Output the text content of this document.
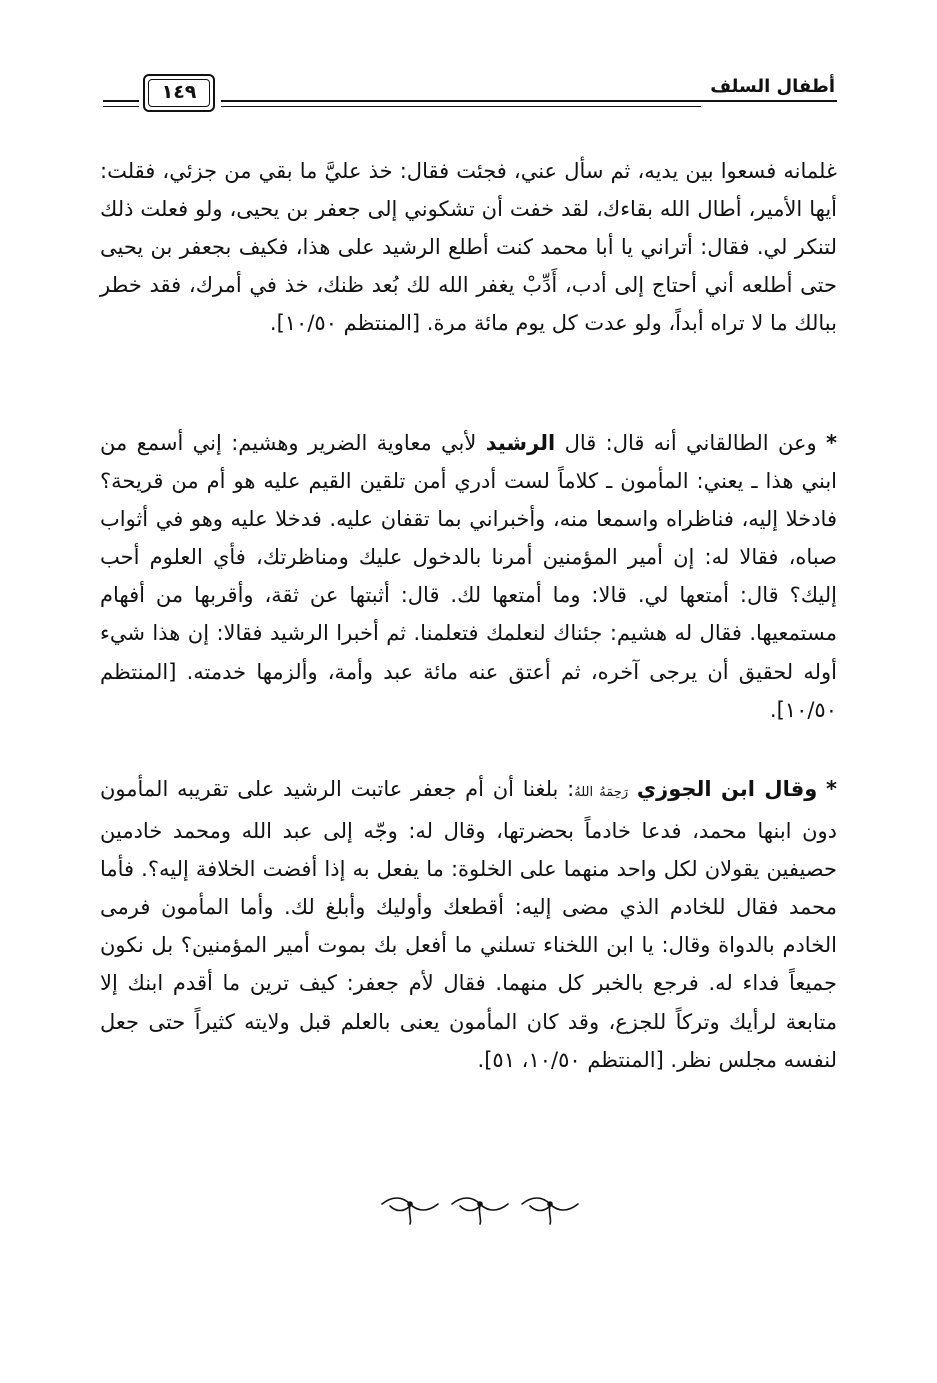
أطفال السلف
١٤٩

غلمانه فسعوا بين يديه، ثم سأل عني، فجئت فقال: خذ عليَّ ما بقي من جزئي، فقلت: أيها الأمير، أطال الله بقاءك، لقد خفت أن تشكوني إلى جعفر بن يحيى، ولو فعلت ذلك لتنكر لي. فقال: أتراني يا أبا محمد كنت أطلع الرشيد على هذا، فكيف بجعفر بن يحيى حتى أطلعه أني أحتاج إلى أدب، أَدِّبْ يغفر الله لك بُعد ظنك، خذ في أمرك، فقد خطر ببالك ما لا تراه أبداً، ولو عدت كل يوم مائة مرة. [المنتظم ١٠/٥٠].

* وعن الطالقاني أنه قال: قال الرشيد لأبي معاوية الضرير وهشيم: إني أسمع من ابني هذا ـ يعني: المأمون ـ كلاماً لست أدري أمن تلقين القيم عليه هو أم من قريحة؟ فادخلا إليه، فناظراه واسمعا منه، وأخبراني بما تقفان عليه. فدخلا عليه وهو في أثواب صباه، فقالا له: إن أمير المؤمنين أمرنا بالدخول عليك ومناظرتك، فأي العلوم أحب إليك؟ قال: أمتعها لي. قالا: وما أمتعها لك. قال: أثبتها عن ثقة، وأقربها من أفهام مستمعيها. فقال له هشيم: جئناك لنعلمك فتعلمنا. ثم أخبرا الرشيد فقالا: إن هذا شيء أوله لحقيق أن يرجى آخره، ثم أعتق عنه مائة عبد وأمة، وألزمها خدمته. [المنتظم ١٠/٥٠].

* وقال ابن الجوزي رَحِمَهُ اللهُ: بلغنا أن أم جعفر عاتبت الرشيد على تقريبه المأمون دون ابنها محمد، فدعا خادماً بحضرتها، وقال له: وجّه إلى عبد الله ومحمد خادمين حصيفين يقولان لكل واحد منهما على الخلوة: ما يفعل به إذا أفضت الخلافة إليه؟. فأما محمد فقال للخادم الذي مضى إليه: أقطعك وأوليك وأبلغ لك. وأما المأمون فرمى الخادم بالدواة وقال: يا ابن اللخناء تسلني ما أفعل بك بموت أمير المؤمنين؟ بل نكون جميعاً فداء له. فرجع بالخبر كل منهما. فقال لأم جعفر: كيف ترين ما أقدم ابنك إلا متابعة لرأيك وتركاً للجزع، وقد كان المأمون يعنى بالعلم قبل ولايته كثيراً حتى جعل لنفسه مجلس نظر. [المنتظم ١٠/٥٠، ٥١].
